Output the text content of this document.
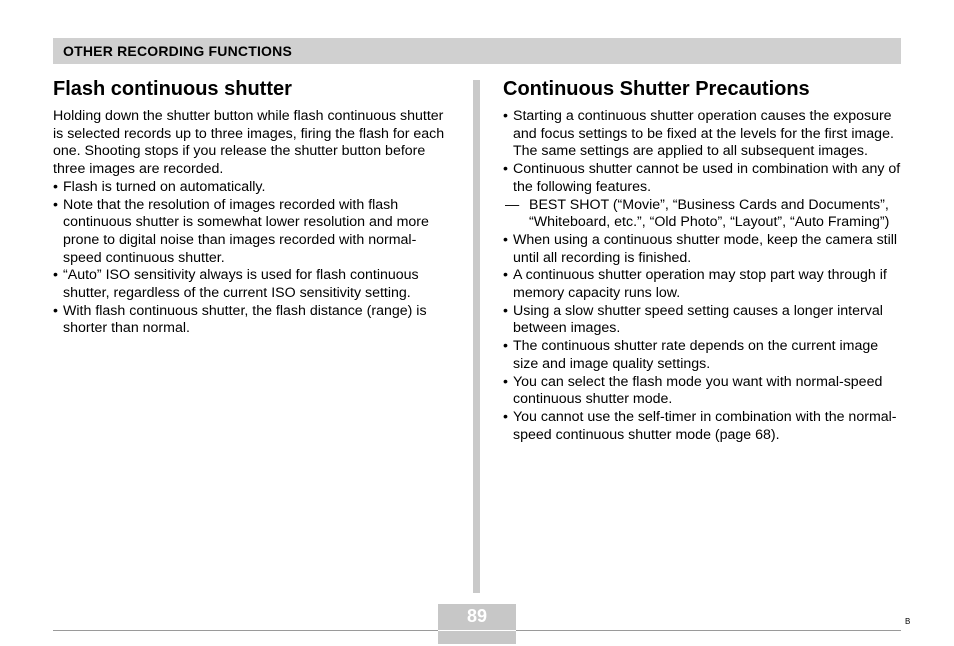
OTHER RECORDING FUNCTIONS
Flash continuous shutter

Holding down the shutter button while flash continuous shutter is selected records up to three images, firing the flash for each one. Shooting stops if you release the shutter button before three images are recorded.

• Flash is turned on automatically.
• Note that the resolution of images recorded with flash continuous shutter is somewhat lower resolution and more prone to digital noise than images recorded with normal-speed continuous shutter.
• “Auto” ISO sensitivity always is used for flash continuous shutter, regardless of the current ISO sensitivity setting.
• With flash continuous shutter, the flash distance (range) is shorter than normal.
Continuous Shutter Precautions
• Starting a continuous shutter operation causes the exposure and focus settings to be fixed at the levels for the first image. The same settings are applied to all subsequent images.
• Continuous shutter cannot be used in combination with any of the following features.
— BEST SHOT (“Movie”, “Business Cards and Documents”, “Whiteboard, etc.”, “Old Photo”, “Layout”, “Auto Framing”)
• When using a continuous shutter mode, keep the camera still until all recording is finished.
• A continuous shutter operation may stop part way through if memory capacity runs low.
• Using a slow shutter speed setting causes a longer interval between images.
• The continuous shutter rate depends on the current image size and image quality settings.
• You can select the flash mode you want with normal-speed continuous shutter mode.
• You cannot use the self-timer in combination with the normal-speed continuous shutter mode (page 68).
89	B
